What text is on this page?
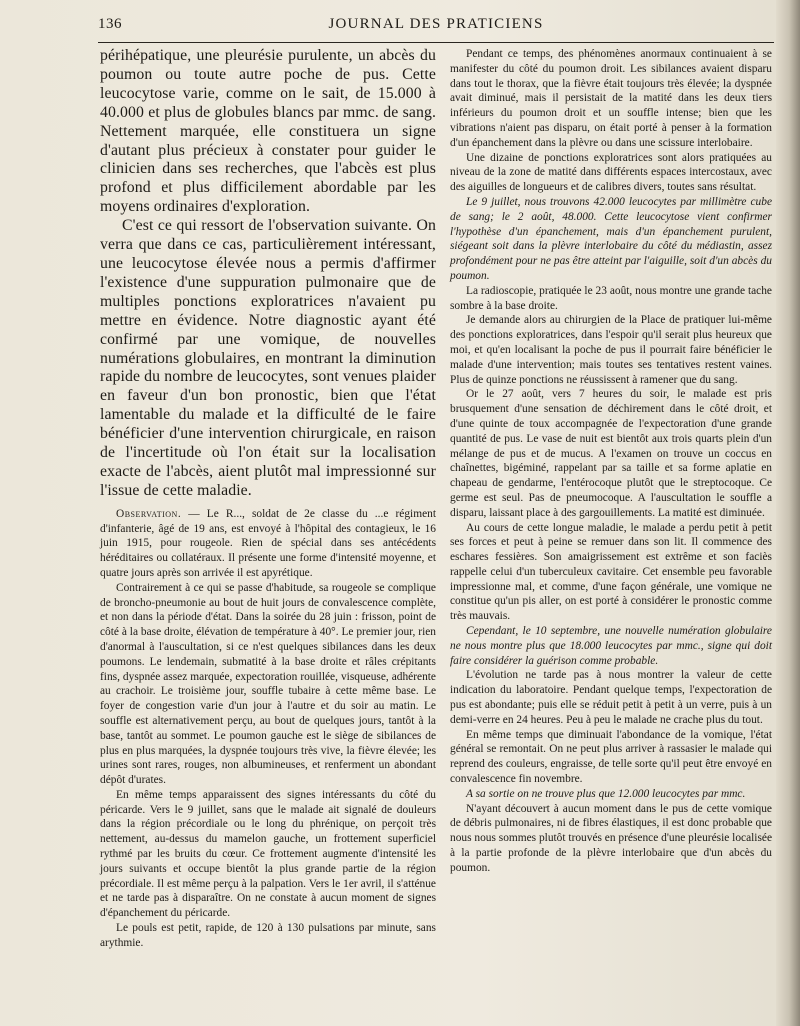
136	JOURNAL DES PRATICIENS

périhépatique, une pleurésie purulente, un abcès du poumon ou toute autre poche de pus. Cette leucocytose varie, comme on le sait, de 15.000 à 40.000 et plus de globules blancs par mmc. de sang. Nettement marquée, elle constituera un signe d'autant plus précieux à constater pour guider le clinicien dans ses recherches, que l'abcès est plus profond et plus difficilement abordable par les moyens ordinaires d'exploration.

C'est ce qui ressort de l'observation suivante. On verra que dans ce cas, particulièrement intéressant, une leucocytose élevée nous a permis d'affirmer l'existence d'une suppuration pulmonaire que de multiples ponctions exploratrices n'avaient pu mettre en évidence. Notre diagnostic ayant été confirmé par une vomique, de nouvelles numérations globulaires, en montrant la diminution rapide du nombre de leucocytes, sont venues plaider en faveur d'un bon pronostic, bien que l'état lamentable du malade et la difficulté de le faire bénéficier d'une intervention chirurgicale, en raison de l'incertitude où l'on était sur la localisation exacte de l'abcès, aient plutôt mal impressionné sur l'issue de cette maladie.

Observation. — Le R..., soldat de 2e classe du ...e régiment d'infanterie, âgé de 19 ans, est envoyé à l'hôpital des contagieux, le 16 juin 1915, pour rougeole. Rien de spécial dans ses antécédents héréditaires ou collatéraux. Il présente une forme d'intensité moyenne, et quatre jours après son arrivée il est apyrétique.

Contrairement à ce qui se passe d'habitude, sa rougeole se complique de broncho-pneumonie au bout de huit jours de convalescence complète, et non dans la période d'état. Dans la soirée du 28 juin : frisson, point de côté à la base droite, élévation de température à 40°. Le premier jour, rien d'anormal à l'auscultation, si ce n'est quelques sibilances dans les deux poumons. Le lendemain, submatité à la base droite et râles crépitants fins, dyspnée assez marquée, expectoration rouillée, visqueuse, adhérente au crachoir. Le troisième jour, souffle tubaire à cette même base. Le foyer de congestion varie d'un jour à l'autre et du soir au matin. Le souffle est alternativement perçu, au bout de quelques jours, tantôt à la base, tantôt au sommet. Le poumon gauche est le siège de sibilances de plus en plus marquées, la dyspnée toujours très vive, la fièvre élevée; les urines sont rares, rouges, non albumineuses, et renferment un abondant dépôt d'urates.

En même temps apparaissent des signes intéressants du côté du péricarde. Vers le 9 juillet, sans que le malade ait signalé de douleurs dans la région précordiale ou le long du phrénique, on perçoit très nettement, au-dessus du mamelon gauche, un frottement superficiel rythmé par les bruits du cœur. Ce frottement augmente d'intensité les jours suivants et occupe bientôt la plus grande partie de la région précordiale. Il est même perçu à la palpation. Vers le 1er avril, il s'atténue et ne tarde pas à disparaître. On ne constate à aucun moment de signes d'épanchement du péricarde.

Le pouls est petit, rapide, de 120 à 130 pulsations par minute, sans arythmie.

Pendant ce temps, des phénomènes anormaux continuaient à se manifester du côté du poumon droit. Les sibilances avaient disparu dans tout le thorax, que la fièvre était toujours très élevée; la dyspnée avait diminué, mais il persistait de la matité dans les deux tiers inférieurs du poumon droit et un souffle intense; bien que les vibrations n'aient pas disparu, on était porté à penser à la formation d'un épanchement dans la plèvre ou dans une scissure interlobaire.

Une dizaine de ponctions exploratrices sont alors pratiquées au niveau de la zone de matité dans différents espaces intercostaux, avec des aiguilles de longueurs et de calibres divers, toutes sans résultat.

Le 9 juillet, nous trouvons 42.000 leucocytes par millimètre cube de sang; le 2 août, 48.000. Cette leucocytose vient confirmer l'hypothèse d'un épanchement, mais d'un épanchement purulent, siégeant soit dans la plèvre interlobaire du côté du médiastin, assez profondément pour ne pas être atteint par l'aiguille, soit d'un abcès du poumon.

La radioscopie, pratiquée le 23 août, nous montre une grande tache sombre à la base droite.

Je demande alors au chirurgien de la Place de pratiquer lui-même des ponctions exploratrices, dans l'espoir qu'il serait plus heureux que moi, et qu'en localisant la poche de pus il pourrait faire bénéficier le malade d'une intervention; mais toutes ses tentatives restent vaines. Plus de quinze ponctions ne réussissent à ramener que du sang.

Or le 27 août, vers 7 heures du soir, le malade est pris brusquement d'une sensation de déchirement dans le côté droit, et d'une quinte de toux accompagnée de l'expectoration d'une grande quantité de pus. Le vase de nuit est bientôt aux trois quarts plein d'un mélange de pus et de mucus. A l'examen on trouve un coccus en chaînettes, bigéminé, rappelant par sa taille et sa forme aplatie en chapeau de gendarme, l'entérocoque plutôt que le streptocoque. Ce germe est seul. Pas de pneumocoque. A l'auscultation le souffle a disparu, laissant place à des gargouillements. La matité est diminuée.

Au cours de cette longue maladie, le malade a perdu petit à petit ses forces et peut à peine se remuer dans son lit. Il commence des eschares fessières. Son amaigrissement est extrême et son faciès rappelle celui d'un tuberculeux cavitaire. Cet ensemble peu favorable impressionne mal, et comme, d'une façon générale, une vomique ne constitue qu'un pis aller, on est porté à considérer le pronostic comme très mauvais.

Cependant, le 10 septembre, une nouvelle numération globulaire ne nous montre plus que 18.000 leucocytes par mmc., signe qui doit faire considérer la guérison comme probable.

L'évolution ne tarde pas à nous montrer la valeur de cette indication du laboratoire. Pendant quelque temps, l'expectoration de pus est abondante; puis elle se réduit petit à petit à un verre, puis à un demi-verre en 24 heures. Peu à peu le malade ne crache plus du tout.

En même temps que diminuait l'abondance de la vomique, l'état général se remontait. On ne peut plus arriver à rassasier le malade qui reprend des couleurs, engraisse, de telle sorte qu'il peut être envoyé en convalescence fin novembre.

A sa sortie on ne trouve plus que 12.000 leucocytes par mmc.

N'ayant découvert à aucun moment dans le pus de cette vomique de débris pulmonaires, ni de fibres élastiques, il est donc probable que nous nous sommes plutôt trouvés en présence d'une pleurésie localisée à la partie profonde de la plèvre interlobaire que d'un abcès du poumon.
